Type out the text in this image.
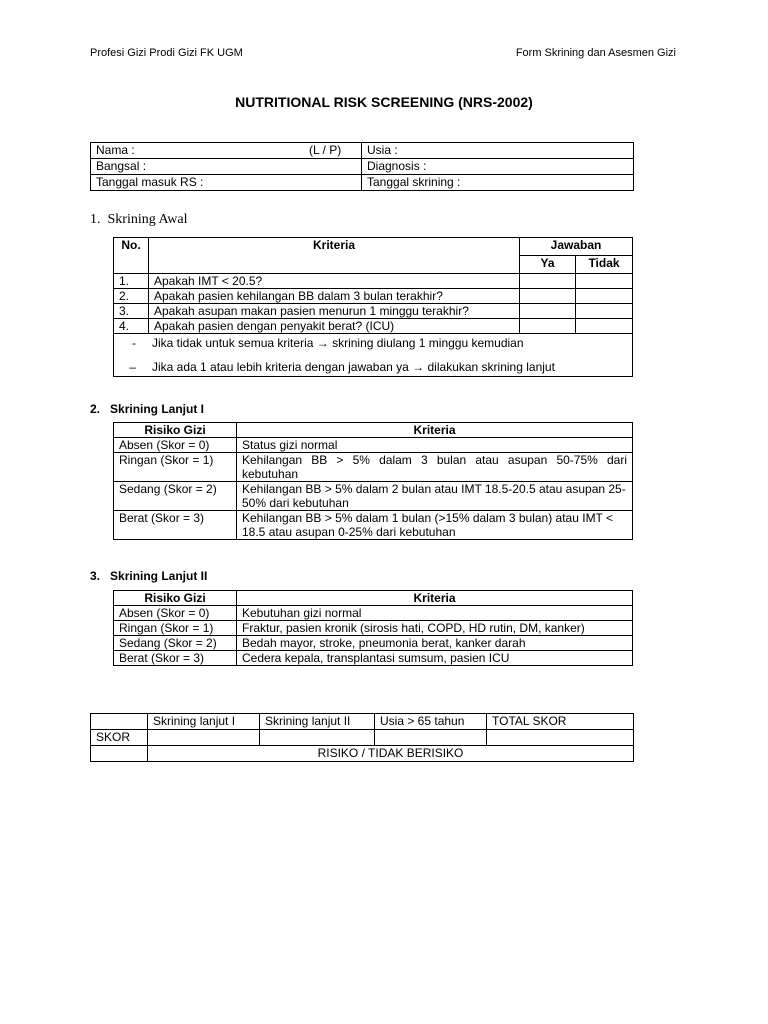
Profesi Gizi Prodi Gizi FK UGM	Form Skrining dan Asesmen Gizi
NUTRITIONAL RISK SCREENING (NRS-2002)
Nama : (L / P)	Usia :
Bangsal :	Diagnosis :
Tanggal masuk RS :	Tanggal skrining :
1. Skrining Awal
No.	Kriteria	Jawaban	
		Ya	Tidak
1.	Apakah IMT < 20.5?		
2.	Apakah pasien kehilangan BB dalam 3 bulan terakhir?		
3.	Apakah asupan makan pasien menurun 1 minggu terakhir?		
4.	Apakah pasien dengan penyakit berat? (ICU)		

- Jika tidak untuk semua kriteria → skrining diulang 1 minggu kemudian
– Jika ada 1 atau lebih kriteria dengan jawaban ya → dilakukan skrining lanjut			
2.   Skrining Lanjut I
Risiko Gizi	Kriteria
Absen (Skor = 0)	Status gizi normal
Ringan (Skor = 1)	Kehilangan BB > 5% dalam 3 bulan atau asupan 50-75% dari kebutuhan
Sedang (Skor = 2)	Kehilangan BB > 5% dalam 2 bulan atau IMT 18.5-20.5 atau asupan 25-50% dari kebutuhan
Berat (Skor = 3)	Kehilangan BB > 5% dalam 1 bulan (>15% dalam 3 bulan) atau IMT < 18.5 atau asupan 0-25% dari kebutuhan
3.   Skrining Lanjut II
Risiko Gizi	Kriteria
Absen (Skor = 0)	Kebutuhan gizi normal
Ringan (Skor = 1)	Fraktur, pasien kronik (sirosis hati, COPD, HD rutin, DM, kanker)
Sedang (Skor = 2)	Bedah mayor, stroke, pneumonia berat, kanker darah
Berat (Skor = 3)	Cedera kepala, transplantasi sumsum, pasien ICU
	Skrining lanjut I	Skrining lanjut II	Usia > 65 tahun	TOTAL SKOR
SKOR				
	RISIKO / TIDAK BERISIKO			
